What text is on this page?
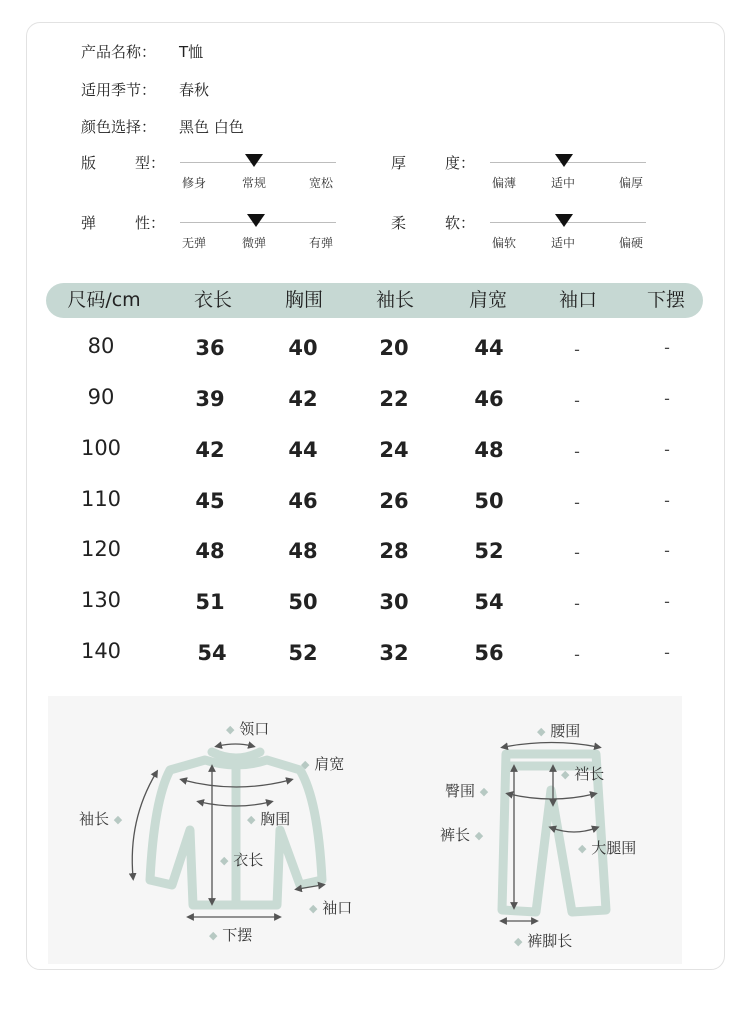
产品名称： T恤
适用季节： 春秋
颜色选择： 黑色 白色
版	型：
修身	常规	宽松
厚	度：
偏薄	适中	偏厚
弹	性：
无弹	微弹	有弹
柔	软：
偏软	适中	偏硬
尺码/cm	衣长	胸围	袖长	肩宽	袖口	下摆
80	36	40	20	44	-	-
90	39	42	22	46	-	-
100	42	44	24	48	-	-
110	45	46	26	50	-	-
120	48	48	28	52	-	-
130	51	50	30	54	-	-
140	54	52	32	56	-	-
◆ 领口
◆ 肩宽
袖长 ◆	◆ 胸围
◆ 衣长
◆ 袖口
◆ 下摆
◆ 腰围
◆ 裆长
臀围 ◆
裤长 ◆
◆ 大腿围
◆ 裤脚长
